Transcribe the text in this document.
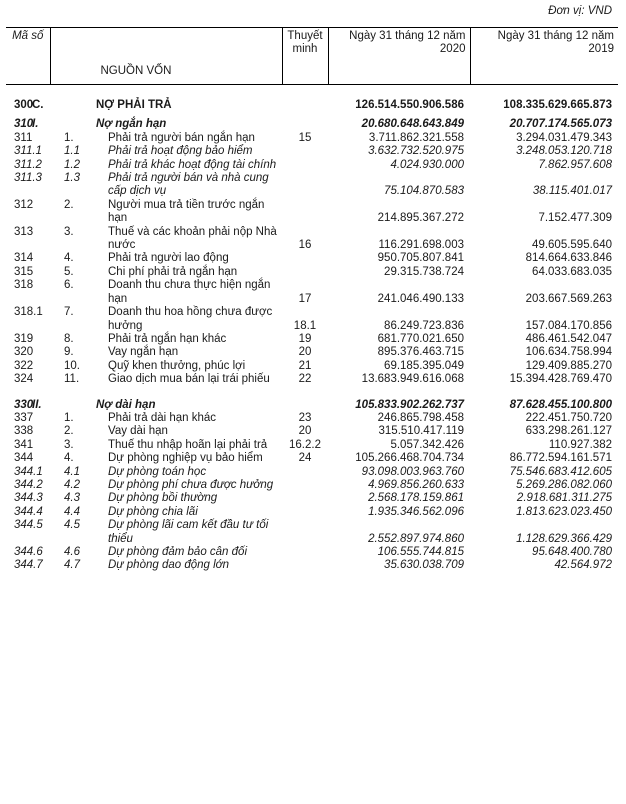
Đơn vị: VND
Mã số	NGUỒN VỐN	Thuyết minh	Ngày 31 tháng 12 năm 2020	Ngày 31 tháng 12 năm 2019

300	C. NỢ PHẢI TRẢ		126.514.550.906.586	108.335.629.665.873

310	I. Nợ ngắn hạn		20.680.648.643.849	20.707.174.565.073
311	1. Phải trả người bán ngắn hạn	15	3.711.862.321.558	3.294.031.479.343
311.1	1.1 Phải trả hoạt động bảo hiểm		3.632.732.520.975	3.248.053.120.718
311.2	1.2 Phải trả khác hoạt động tài chính		4.024.930.000	7.862.957.608
311.3	1.3 Phải trả người bán và nhà cung cấp dịch vụ		75.104.870.583	38.115.401.017
312	2. Người mua trả tiền trước ngắn hạn		214.895.367.272	7.152.477.309
313	3. Thuế và các khoản phải nộp Nhà nước	16	116.291.698.003	49.605.595.640
314	4. Phải trả người lao động		950.705.807.841	814.664.633.846
315	5. Chi phí phải trả ngắn hạn		29.315.738.724	64.033.683.035
318	6. Doanh thu chưa thực hiện ngắn hạn	17	241.046.490.133	203.667.569.263
318.1	7. Doanh thu hoa hồng chưa được hưởng	18.1	86.249.723.836	157.084.170.856
319	8. Phải trả ngắn hạn khác	19	681.770.021.650	486.461.542.047
320	9. Vay ngắn hạn	20	895.376.463.715	106.634.758.994
322	10. Quỹ khen thưởng, phúc lợi	21	69.185.395.049	129.409.885.270
324	11. Giao dịch mua bán lại trái phiếu	22	13.683.949.616.068	15.394.428.769.470

330	II. Nợ dài hạn		105.833.902.262.737	87.628.455.100.800
337	1. Phải trả dài hạn khác	23	246.865.798.458	222.451.750.720
338	2. Vay dài hạn	20	315.510.417.119	633.298.261.127
341	3. Thuế thu nhập hoãn lại phải trả	16.2.2	5.057.342.426	110.927.382
344	4. Dự phòng nghiệp vụ bảo hiểm	24	105.266.468.704.734	86.772.594.161.571
344.1	4.1 Dự phòng toán học		93.098.003.963.760	75.546.683.412.605
344.2	4.2 Dự phòng phí chưa được hưởng		4.969.856.260.633	5.269.286.082.060
344.3	4.3 Dự phòng bồi thường		2.568.178.159.861	2.918.681.311.275
344.4	4.4 Dự phòng chia lãi		1.935.346.562.096	1.813.623.023.450
344.5	4.5 Dự phòng lãi cam kết đầu tư tối thiểu		2.552.897.974.860	1.128.629.366.429
344.6	4.6 Dự phòng đảm bảo cân đối		106.555.744.815	95.648.400.780
344.7	4.7 Dự phòng dao động lớn		35.630.038.709	42.564.972
